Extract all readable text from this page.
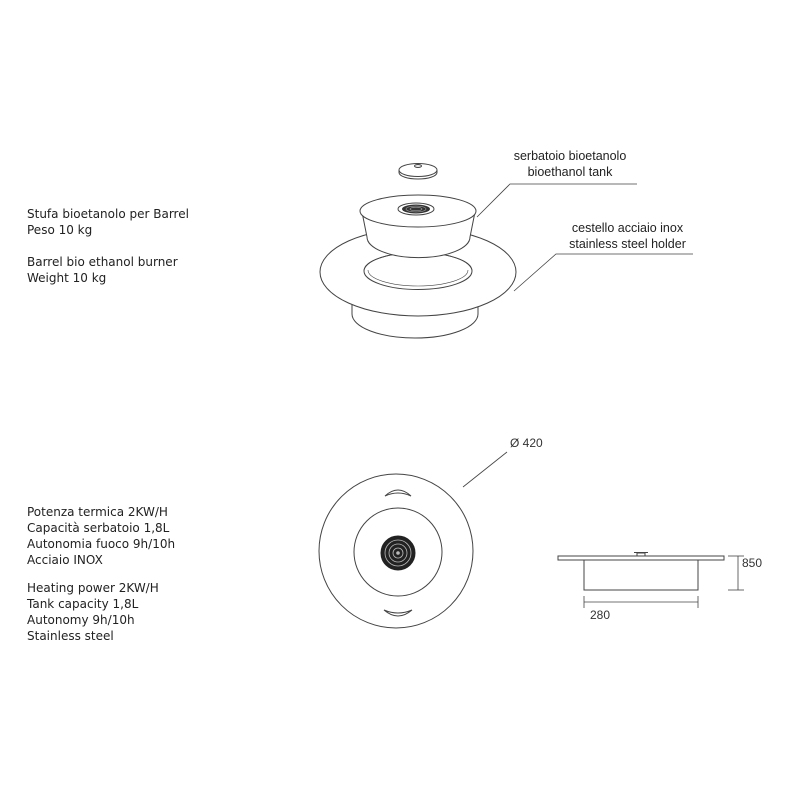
Stufa bioetanolo per Barrel
Peso 10 kg
Barrel bio ethanol burner
Weight 10 kg
Potenza termica 2KW/H
Capacità serbatoio 1,8L
Autonomia fuoco 9h/10h
Acciaio INOX
Heating power 2KW/H
Tank capacity 1,8L
Autonomy 9h/10h
Stainless steel
serbatoio bioetanolo
bioethanol tank
cestello acciaio inox
stainless steel holder
Ø 420
850
280
